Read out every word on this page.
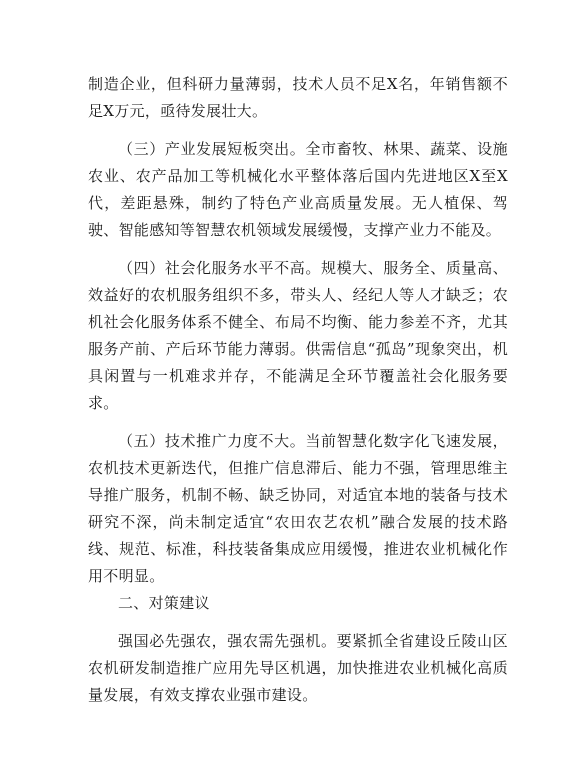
制造企业，但科研力量薄弱，技术人员不足X名，年销售额不足X万元，亟待发展壮大。

（三）产业发展短板突出。全市畜牧、林果、蔬菜、设施农业、农产品加工等机械化水平整体落后国内先进地区X至X代，差距悬殊，制约了特色产业高质量发展。无人植保、驾驶、智能感知等智慧农机领域发展缓慢，支撑产业力不能及。

（四）社会化服务水平不高。规模大、服务全、质量高、效益好的农机服务组织不多，带头人、经纪人等人才缺乏；农机社会化服务体系不健全、布局不均衡、能力参差不齐，尤其服务产前、产后环节能力薄弱。供需信息“孤岛”现象突出，机具闲置与一机难求并存，不能满足全环节覆盖社会化服务要求。

（五）技术推广力度不大。当前智慧化数字化飞速发展，农机技术更新迭代，但推广信息滞后、能力不强，管理思维主导推广服务，机制不畅、缺乏协同，对适宜本地的装备与技术研究不深，尚未制定适宜“农田农艺农机”融合发展的技术路线、规范、标准，科技装备集成应用缓慢，推进农业机械化作用不明显。

二、对策建议

强国必先强农，强农需先强机。要紧抓全省建设丘陵山区农机研发制造推广应用先导区机遇，加快推进农业机械化高质量发展，有效支撑农业强市建设。
